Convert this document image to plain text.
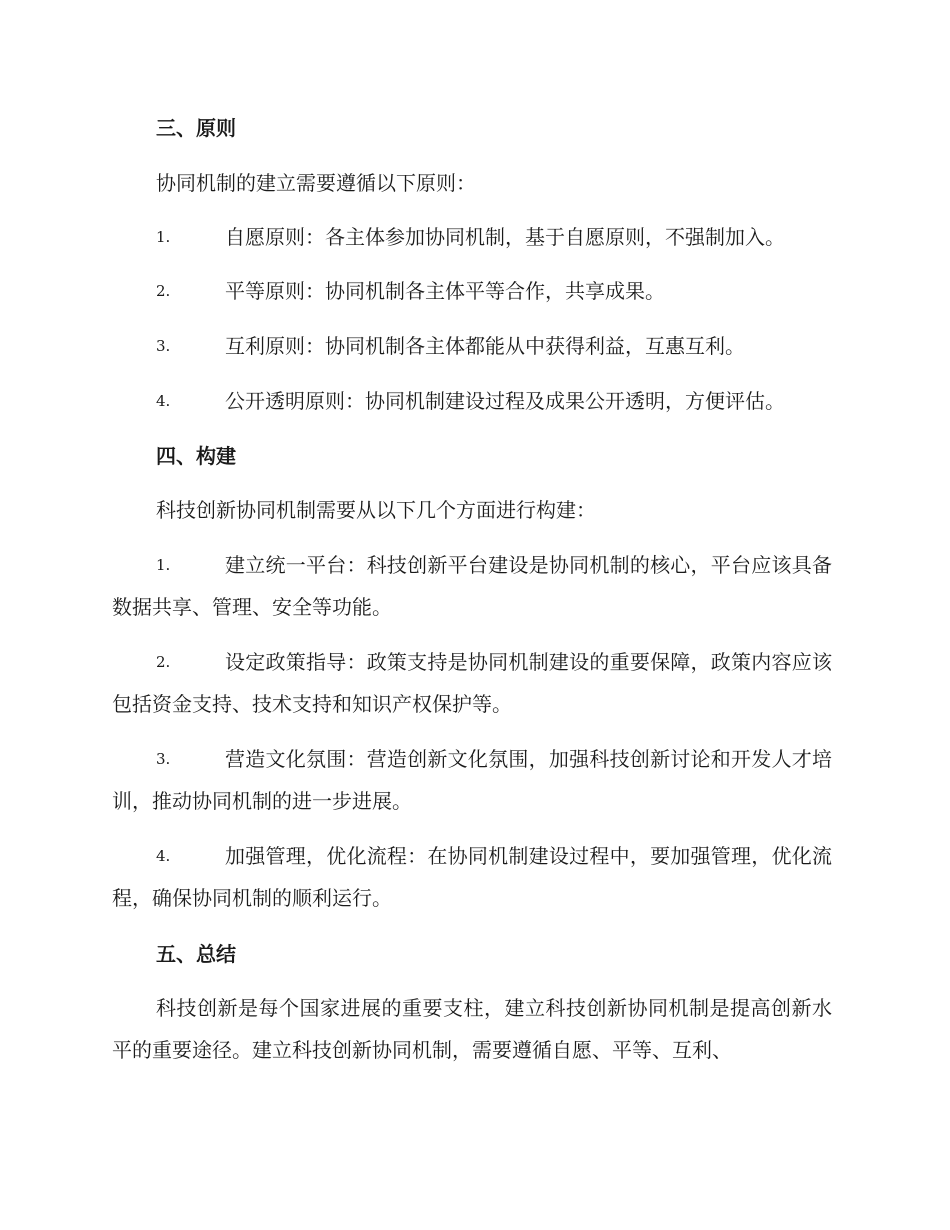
三、原则
协同机制的建立需要遵循以下原则：
1.	自愿原则：各主体参加协同机制，基于自愿原则，不强制加入。
2.	平等原则：协同机制各主体平等合作，共享成果。
3.	互利原则：协同机制各主体都能从中获得利益，互惠互利。
4.	公开透明原则：协同机制建设过程及成果公开透明，方便评估。
四、构建
科技创新协同机制需要从以下几个方面进行构建：
1.	建立统一平台：科技创新平台建设是协同机制的核心，平台应该具备数据共享、管理、安全等功能。
2.	设定政策指导：政策支持是协同机制建设的重要保障，政策内容应该包括资金支持、技术支持和知识产权保护等。
3.	营造文化氛围：营造创新文化氛围，加强科技创新讨论和开发人才培训，推动协同机制的进一步进展。
4.	加强管理，优化流程：在协同机制建设过程中，要加强管理，优化流程，确保协同机制的顺利运行。
五、总结
科技创新是每个国家进展的重要支柱，建立科技创新协同机制是提高创新水平的重要途径。建立科技创新协同机制，需要遵循自愿、平等、互利、
